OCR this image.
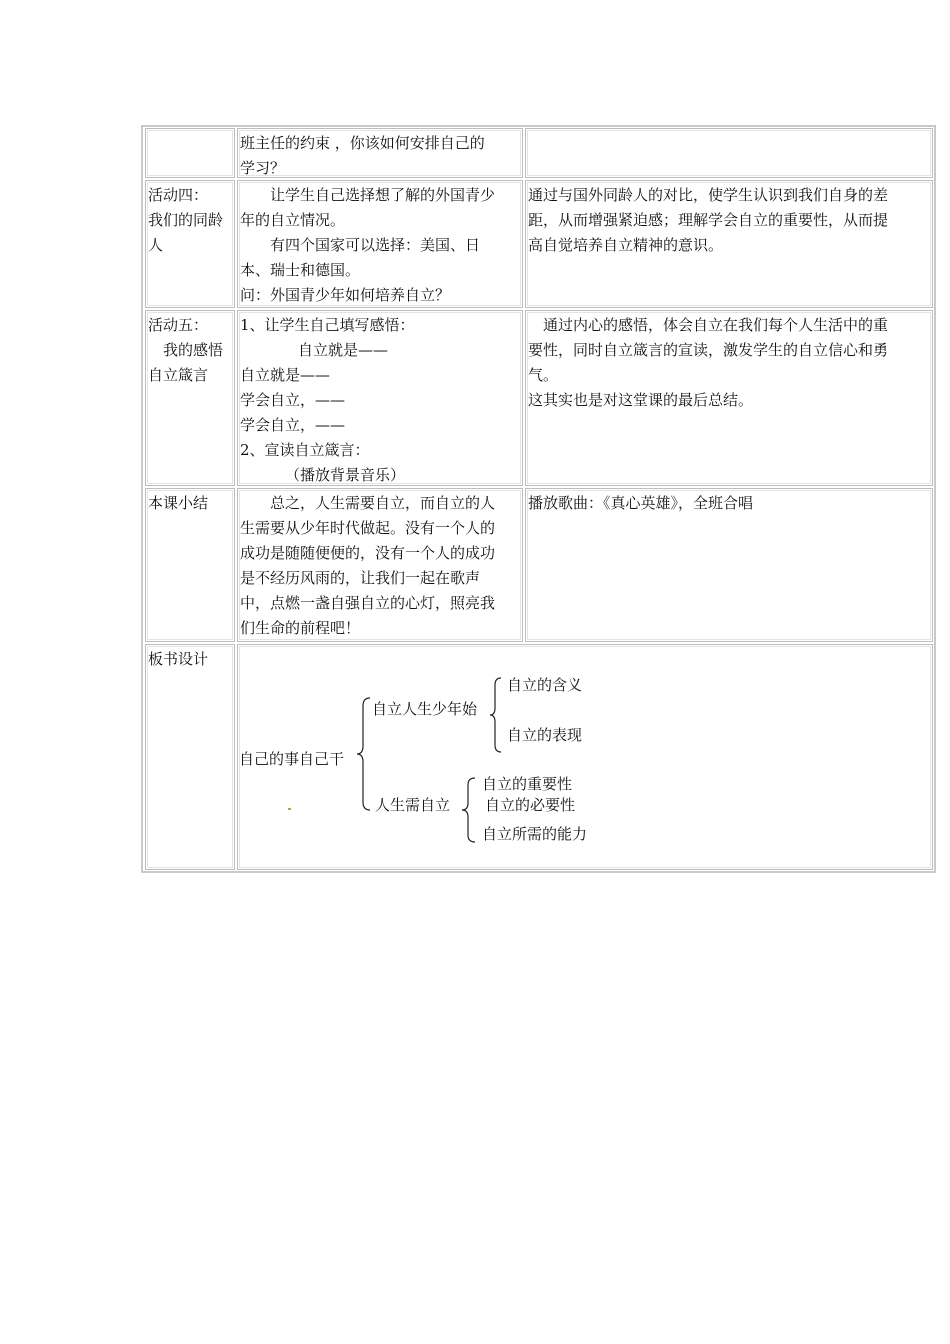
班主任的约束 ，你该如何安排自己的

学习？

活动四：

我们的同龄

人

让学生自己选择想了解的外国青少

年的自立情况。

有四个国家可以选择：美国、日

本、瑞士和德国。

问：外国青少年如何培养自立？

通过与国外同龄人的对比，使学生认识到我们自身的差

距，从而增强紧迫感；理解学会自立的重要性，从而提

高自觉培养自立精神的意识。

活动五：

我的感悟

自立箴言

1、让学生自己填写感悟：

自立就是——

自立就是——

学会自立，——

学会自立，——

2、宣读自立箴言：

（播放背景音乐）

通过内心的感悟，体会自立在我们每个人生活中的重

要性，同时自立箴言的宣读，激发学生的自立信心和勇

气。

这其实也是对这堂课的最后总结。

本课小结	总之，人生需要自立，而自立的人

生需要从少年时代做起。没有一个人的

成功是随随便便的，没有一个人的成功

是不经历风雨的，让我们一起在歌声

中，点燃一盏自强自立的心灯，照亮我

们生命的前程吧！

播放歌曲：《真心英雄》，全班合唱

板书设计

自己的事自己干
自立人生少年始
人生需自立
自立的含义
自立的表现
自立的重要性
自立的必要性
自立所需的能力
